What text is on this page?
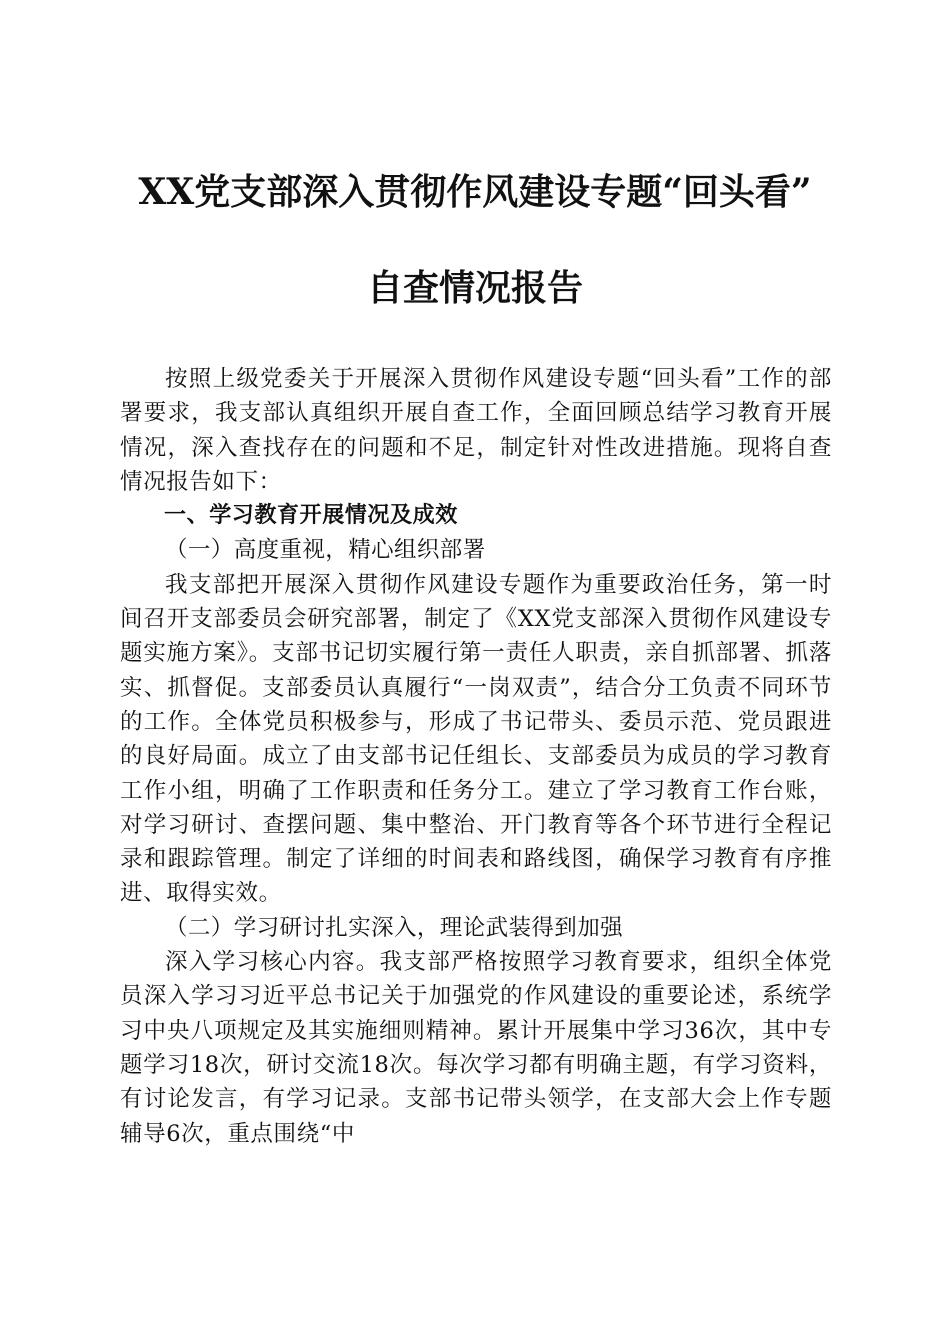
XX党支部深入贯彻作风建设专题“回头看”
自查情况报告

按照上级党委关于开展深入贯彻作风建设专题“回头看”工作的部署要求，我支部认真组织开展自查工作，全面回顾总结学习教育开展情况，深入查找存在的问题和不足，制定针对性改进措施。现将自查情况报告如下：

一、学习教育开展情况及成效

（一）高度重视，精心组织部署

我支部把开展深入贯彻作风建设专题作为重要政治任务，第一时间召开支部委员会研究部署，制定了《XX党支部深入贯彻作风建设专题实施方案》。支部书记切实履行第一责任人职责，亲自抓部署、抓落实、抓督促。支部委员认真履行“一岗双责”，结合分工负责不同环节的工作。全体党员积极参与，形成了书记带头、委员示范、党员跟进的良好局面。成立了由支部书记任组长、支部委员为成员的学习教育工作小组，明确了工作职责和任务分工。建立了学习教育工作台账，对学习研讨、查摆问题、集中整治、开门教育等各个环节进行全程记录和跟踪管理。制定了详细的时间表和路线图，确保学习教育有序推进、取得实效。

（二）学习研讨扎实深入，理论武装得到加强

深入学习核心内容。我支部严格按照学习教育要求，组织全体党员深入学习习近平总书记关于加强党的作风建设的重要论述，系统学习中央八项规定及其实施细则精神。累计开展集中学习36次，其中专题学习18次，研讨交流18次。每次学习都有明确主题，有学习资料，有讨论发言，有学习记录。支部书记带头领学，在支部大会上作专题辅导6次，重点围绕“中
